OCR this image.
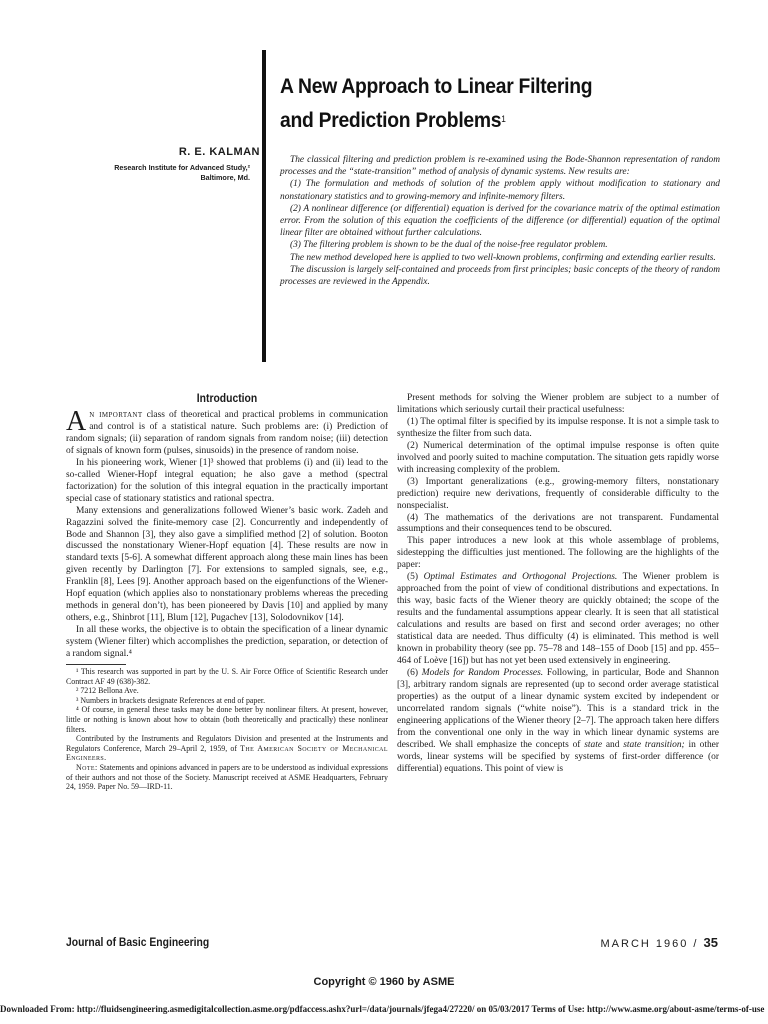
A New Approach to Linear Filtering
and Prediction Problems$^1$
R. E. KALMAN
Research Institute for Advanced Study,²
Baltimore, Md.

The classical filtering and prediction problem is re-examined using the Bode-Shannon representation of random processes and the “state-transition” method of analysis of dynamic systems. New results are:

(1) The formulation and methods of solution of the problem apply without modification to stationary and nonstationary statistics and to growing-memory and infinite-memory filters.

(2) A nonlinear difference (or differential) equation is derived for the covariance matrix of the optimal estimation error. From the solution of this equation the coefficients of the difference (or differential) equation of the optimal linear filter are obtained without further calculations.

(3) The filtering problem is shown to be the dual of the noise-free regulator problem.

The new method developed here is applied to two well-known problems, confirming and extending earlier results.

The discussion is largely self-contained and proceeds from first principles; basic concepts of the theory of random processes are reviewed in the Appendix.

Introduction

An important class of theoretical and practical problems in communication and control is of a statistical nature. Such problems are: (i) Prediction of random signals; (ii) separation of random signals from random noise; (iii) detection of signals of known form (pulses, sinusoids) in the presence of random noise.

In his pioneering work, Wiener [1]³ showed that problems (i) and (ii) lead to the so-called Wiener-Hopf integral equation; he also gave a method (spectral factorization) for the solution of this integral equation in the practically important special case of stationary statistics and rational spectra.

Many extensions and generalizations followed Wiener’s basic work. Zadeh and Ragazzini solved the finite-memory case [2]. Concurrently and independently of Bode and Shannon [3], they also gave a simplified method [2] of solution. Booton discussed the nonstationary Wiener-Hopf equation [4]. These results are now in standard texts [5-6]. A somewhat different approach along these main lines has been given recently by Darlington [7]. For extensions to sampled signals, see, e.g., Franklin [8], Lees [9]. Another approach based on the eigenfunctions of the Wiener-Hopf equation (which applies also to nonstationary problems whereas the preceding methods in general don’t), has been pioneered by Davis [10] and applied by many others, e.g., Shinbrot [11], Blum [12], Pugachev [13], Solodovnikov [14].

In all these works, the objective is to obtain the specification of a linear dynamic system (Wiener filter) which accomplishes the prediction, separation, or detection of a random signal.⁴

¹ This research was supported in part by the U. S. Air Force Office of Scientific Research under Contract AF 49 (638)-382.

² 7212 Bellona Ave.

³ Numbers in brackets designate References at end of paper.

⁴ Of course, in general these tasks may be done better by nonlinear filters. At present, however, little or nothing is known about how to obtain (both theoretically and practically) these nonlinear filters.

Contributed by the Instruments and Regulators Division and presented at the Instruments and Regulators Conference, March 29–April 2, 1959, of The American Society of Mechanical Engineers.

Note: Statements and opinions advanced in papers are to be understood as individual expressions of their authors and not those of the Society. Manuscript received at ASME Headquarters, February 24, 1959. Paper No. 59—IRD-11.

Present methods for solving the Wiener problem are subject to a number of limitations which seriously curtail their practical usefulness:

(1) The optimal filter is specified by its impulse response. It is not a simple task to synthesize the filter from such data.

(2) Numerical determination of the optimal impulse response is often quite involved and poorly suited to machine computation. The situation gets rapidly worse with increasing complexity of the problem.

(3) Important generalizations (e.g., growing-memory filters, nonstationary prediction) require new derivations, frequently of considerable difficulty to the nonspecialist.

(4) The mathematics of the derivations are not transparent. Fundamental assumptions and their consequences tend to be obscured.

This paper introduces a new look at this whole assemblage of problems, sidestepping the difficulties just mentioned. The following are the highlights of the paper:

(5) Optimal Estimates and Orthogonal Projections. The Wiener problem is approached from the point of view of conditional distributions and expectations. In this way, basic facts of the Wiener theory are quickly obtained; the scope of the results and the fundamental assumptions appear clearly. It is seen that all statistical calculations and results are based on first and second order averages; no other statistical data are needed. Thus difficulty (4) is eliminated. This method is well known in probability theory (see pp. 75–78 and 148–155 of Doob [15] and pp. 455–464 of Loève [16]) but has not yet been used extensively in engineering.

(6) Models for Random Processes. Following, in particular, Bode and Shannon [3], arbitrary random signals are represented (up to second order average statistical properties) as the output of a linear dynamic system excited by independent or uncorrelated random signals (“white noise”). This is a standard trick in the engineering applications of the Wiener theory [2–7]. The approach taken here differs from the conventional one only in the way in which linear dynamic systems are described. We shall emphasize the concepts of state and state transition; in other words, linear systems will be specified by systems of first-order difference (or differential) equations. This point of view is

Journal of Basic Engineering	MARCH 1960 / 35
Copyright © 1960 by ASME
Downloaded From: http://fluidsengineering.asmedigitalcollection.asme.org/pdfaccess.ashx?url=/data/journals/jfega4/27220/ on 05/03/2017 Terms of Use: http://www.asme.org/about-asme/terms-of-use
